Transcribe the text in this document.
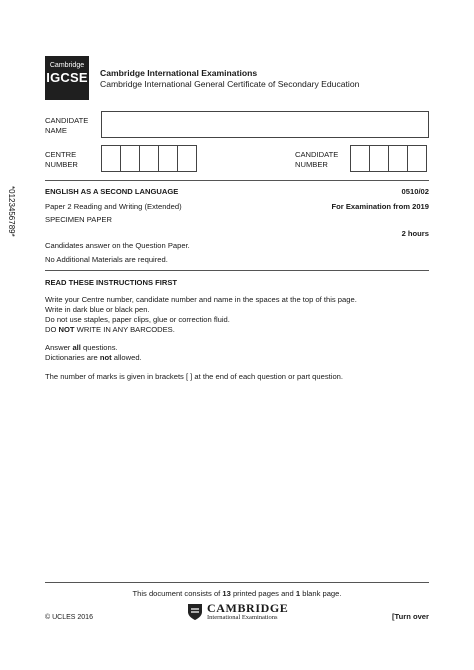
Cambridge
IGCSE Cambridge International Examinations
Cambridge International General Certificate of Secondary Education
*0123456789*
CANDIDATE
NAME
CENTRE
NUMBER
CANDIDATE
NUMBER
ENGLISH AS A SECOND LANGUAGE	0510/02
Paper 2 Reading and Writing (Extended)	For Examination from 2019
SPECIMEN PAPER
2 hours
Candidates answer on the Question Paper.
No Additional Materials are required.
READ THESE INSTRUCTIONS FIRST
Write your Centre number, candidate number and name in the spaces at the top of this page.
Write in dark blue or black pen.
Do not use staples, paper clips, glue or correction fluid.
DO NOT WRITE IN ANY BARCODES.
Answer all questions.
Dictionaries are not allowed.
The number of marks is given in brackets [ ] at the end of each question or part question.
This document consists of 13 printed pages and 1 blank page.
CAMBRIDGE
International Examinations
© UCLES 2016	[Turn over
